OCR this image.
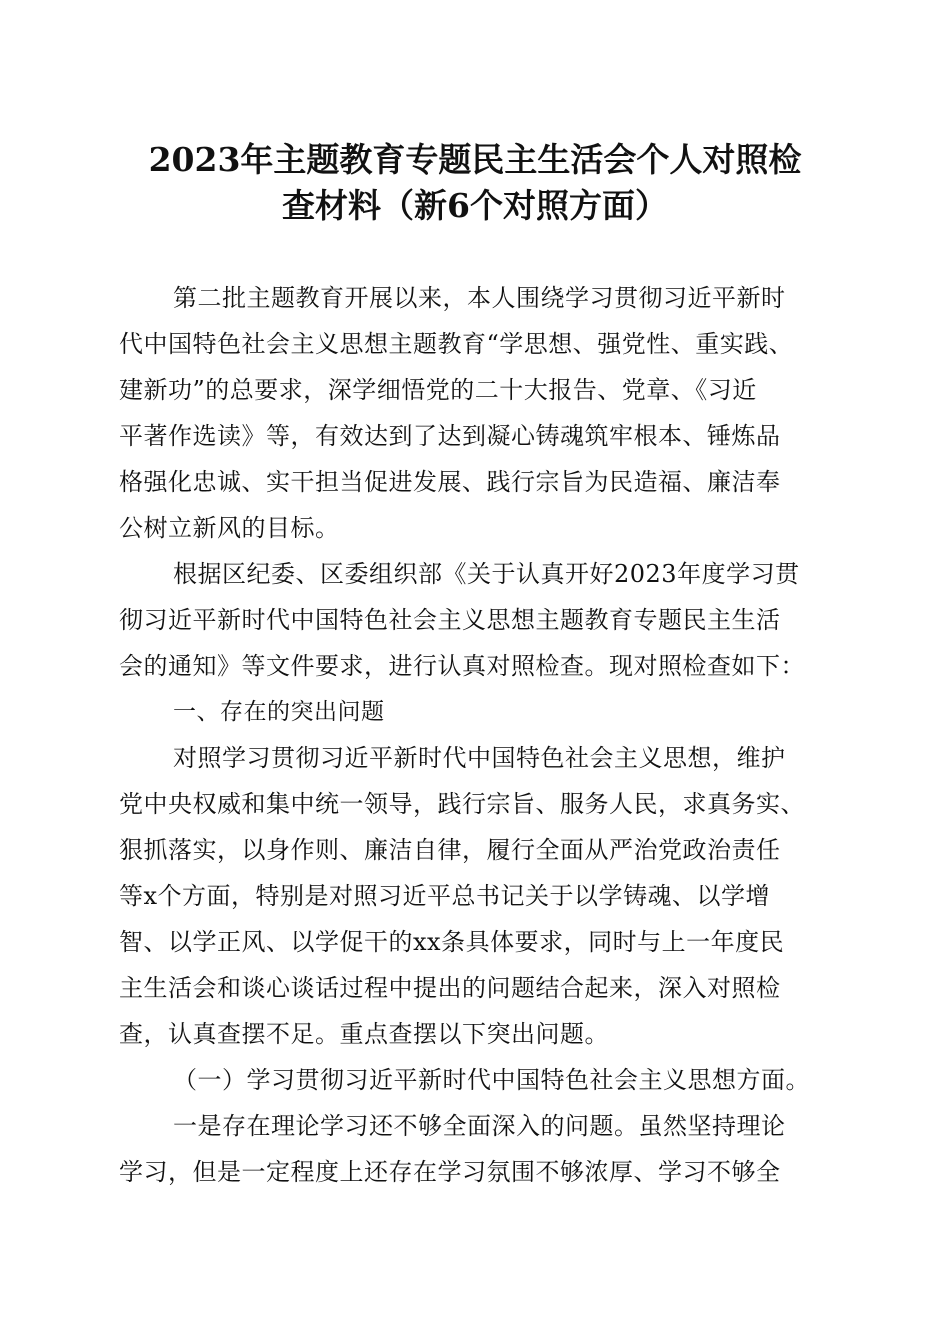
2023年主题教育专题民主生活会个人对照检
查材料（新6个对照方面）
第二批主题教育开展以来，本人围绕学习贯彻习近平新时
代中国特色社会主义思想主题教育“学思想、强党性、重实践、
建新功”的总要求，深学细悟党的二十大报告、党章、《习近
平著作选读》等，有效达到了达到凝心铸魂筑牢根本、锤炼品
格强化忠诚、实干担当促进发展、践行宗旨为民造福、廉洁奉
公树立新风的目标。
根据区纪委、区委组织部《关于认真开好2023年度学习贯
彻习近平新时代中国特色社会主义思想主题教育专题民主生活
会的通知》等文件要求，进行认真对照检查。现对照检查如下：
一、存在的突出问题
对照学习贯彻习近平新时代中国特色社会主义思想，维护
党中央权威和集中统一领导，践行宗旨、服务人民，求真务实、
狠抓落实，以身作则、廉洁自律，履行全面从严治党政治责任
等x个方面，特别是对照习近平总书记关于以学铸魂、以学增
智、以学正风、以学促干的xx条具体要求，同时与上一年度民
主生活会和谈心谈话过程中提出的问题结合起来，深入对照检
查，认真查摆不足。重点查摆以下突出问题。
（一）学习贯彻习近平新时代中国特色社会主义思想方面。
一是存在理论学习还不够全面深入的问题。虽然坚持理论
学习，但是一定程度上还存在学习氛围不够浓厚、学习不够全
